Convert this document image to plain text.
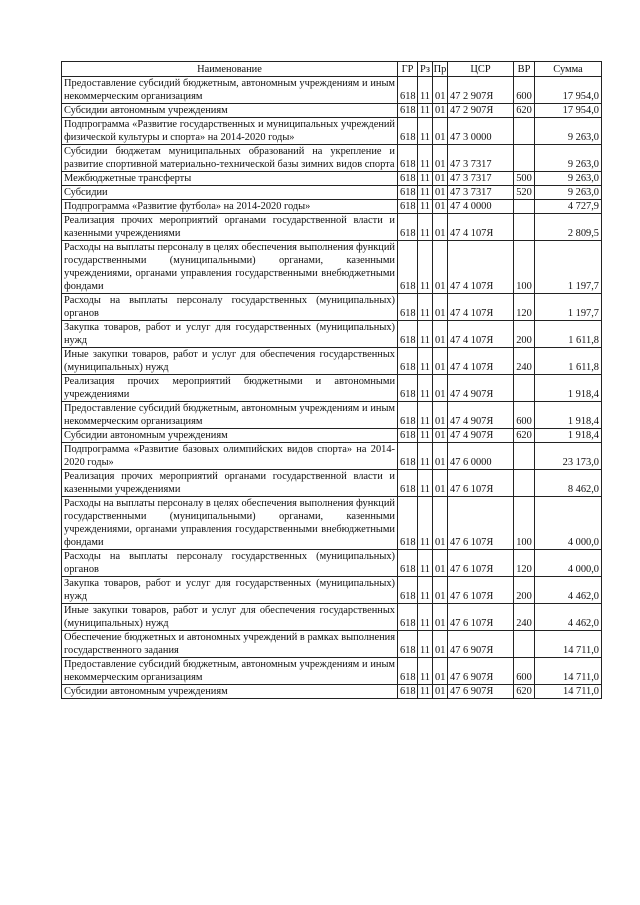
Наименование	ГР	Рз	Пр	ЦСР	ВР	Сумма
Предоставление субсидий бюджетным, автономным учреждениям и иным некоммерческим организациям	618	11	01	47 2 907Я	600	17 954,0
Субсидии автономным учреждениям	618	11	01	47 2 907Я	620	17 954,0
Подпрограмма «Развитие государственных и муниципальных учреждений физической культуры и спорта» на 2014-2020 годы»	618	11	01	47 3 0000		9 263,0
Субсидии бюджетам муниципальных образований на укрепление и развитие спортивной материально-технической базы зимних видов спорта	618	11	01	47 3 7317		9 263,0
Межбюджетные трансферты	618	11	01	47 3 7317	500	9 263,0
Субсидии	618	11	01	47 3 7317	520	9 263,0
Подпрограмма «Развитие футбола» на 2014-2020 годы»	618	11	01	47 4 0000		4 727,9
Реализация прочих мероприятий органами государственной власти и казенными учреждениями	618	11	01	47 4 107Я		2 809,5
Расходы на выплаты персоналу в целях обеспечения выполнения функций государственными (муниципальными) органами, казенными учреждениями, органами управления государственными внебюджетными фондами	618	11	01	47 4 107Я	100	1 197,7
Расходы на выплаты персоналу государственных (муниципальных) органов	618	11	01	47 4 107Я	120	1 197,7
Закупка товаров, работ и услуг для государственных (муниципальных) нужд	618	11	01	47 4 107Я	200	1 611,8
Иные закупки товаров, работ и услуг для обеспечения государственных (муниципальных) нужд	618	11	01	47 4 107Я	240	1 611,8
Реализация прочих мероприятий бюджетными и автономными учреждениями	618	11	01	47 4 907Я		1 918,4
Предоставление субсидий бюджетным, автономным учреждениям и иным некоммерческим организациям	618	11	01	47 4 907Я	600	1 918,4
Субсидии автономным учреждениям	618	11	01	47 4 907Я	620	1 918,4
Подпрограмма «Развитие базовых олимпийских видов спорта» на 2014-2020 годы»	618	11	01	47 6 0000		23 173,0
Реализация прочих мероприятий органами государственной власти и казенными учреждениями	618	11	01	47 6 107Я		8 462,0
Расходы на выплаты персоналу в целях обеспечения выполнения функций государственными (муниципальными) органами, казенными учреждениями, органами управления государственными внебюджетными фондами	618	11	01	47 6 107Я	100	4 000,0
Расходы на выплаты персоналу государственных (муниципальных) органов	618	11	01	47 6 107Я	120	4 000,0
Закупка товаров, работ и услуг для государственных (муниципальных) нужд	618	11	01	47 6 107Я	200	4 462,0
Иные закупки товаров, работ и услуг для обеспечения государственных (муниципальных) нужд	618	11	01	47 6 107Я	240	4 462,0
Обеспечение бюджетных и автономных учреждений в рамках выполнения государственного задания	618	11	01	47 6 907Я		14 711,0
Предоставление субсидий бюджетным, автономным учреждениям и иным некоммерческим организациям	618	11	01	47 6 907Я	600	14 711,0
Субсидии автономным учреждениям	618	11	01	47 6 907Я	620	14 711,0
